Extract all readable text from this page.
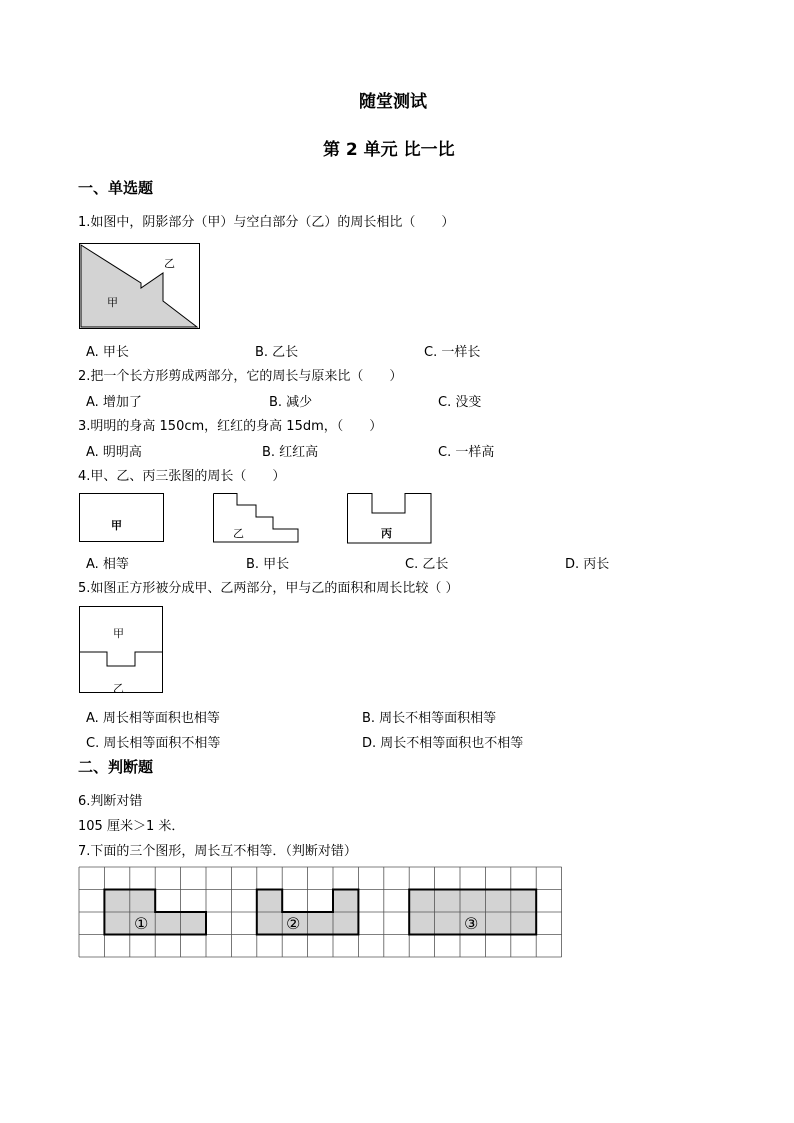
随堂测试
第 2 单元 比一比
一、单选题
1.如图中，阴影部分（甲）与空白部分（乙）的周长相比（　　）
乙
甲
A. 甲长	B. 乙长	C. 一样长
2.把一个长方形剪成两部分，它的周长与原来比（　　）
A. 增加了	B. 减少	C. 没变
3.明明的身高 150cm，红红的身高 15dm，（　　）
A. 明明高	B. 红红高	C. 一样高
4.甲、乙、丙三张图的周长（　　）
甲
乙	丙
A. 相等	B. 甲长	C. 乙长	D. 丙长
5.如图正方形被分成甲、乙两部分，甲与乙的面积和周长比较（ ）
甲
乙
A. 周长相等面积也相等	B. 周长不相等面积相等
C. 周长相等面积不相等	D. 周长不相等面积也不相等
二、判断题
6.判断对错
105 厘米＞1 米．
7.下面的三个图形，周长互不相等．（判断对错）
①	②	③
